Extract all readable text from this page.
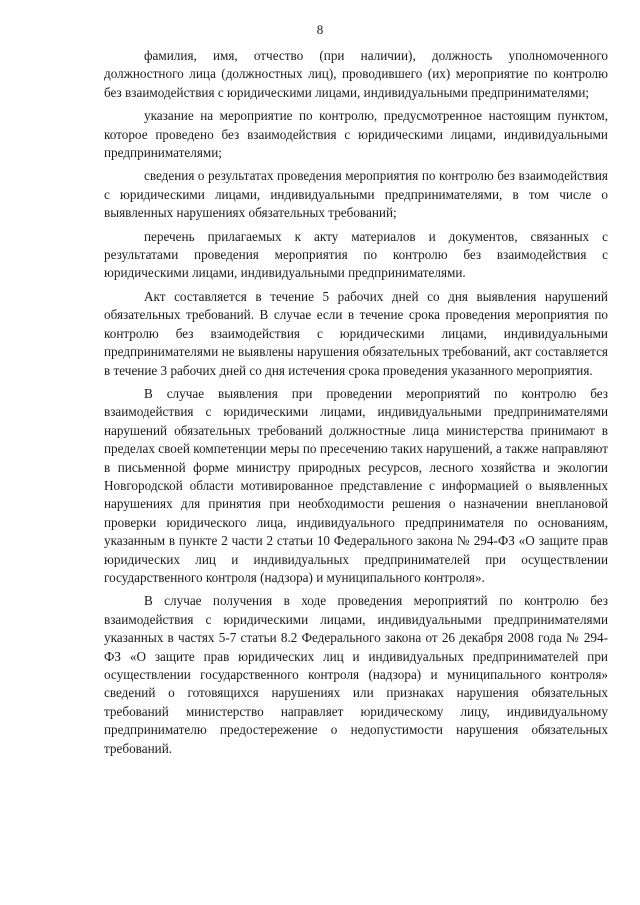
8

фамилия, имя, отчество (при наличии), должность уполномоченного должностного лица (должностных лиц), проводившего (их) мероприятие по контролю без взаимодействия с юридическими лицами, индивидуальными предпринимателями;

указание на мероприятие по контролю, предусмотренное настоящим пунктом, которое проведено без взаимодействия с юридическими лицами, индивидуальными предпринимателями;

сведения о результатах проведения мероприятия по контролю без взаимодействия с юридическими лицами, индивидуальными предпринимателями, в том числе о выявленных нарушениях обязательных требований;

перечень прилагаемых к акту материалов и документов, связанных с результатами проведения мероприятия по контролю без взаимодействия с юридическими лицами, индивидуальными предпринимателями.

Акт составляется в течение 5 рабочих дней со дня выявления нарушений обязательных требований. В случае если в течение срока проведения мероприятия по контролю без взаимодействия с юридическими лицами, индивидуальными предпринимателями не выявлены нарушения обязательных требований, акт составляется в течение 3 рабочих дней со дня истечения срока проведения указанного мероприятия.

В случае выявления при проведении мероприятий по контролю без взаимодействия с юридическими лицами, индивидуальными предпринимателями нарушений обязательных требований должностные лица министерства принимают в пределах своей компетенции меры по пресечению таких нарушений, а также направляют в письменной форме министру природных ресурсов, лесного хозяйства и экологии Новгородской области мотивированное представление с информацией о выявленных нарушениях для принятия при необходимости решения о назначении внеплановой проверки юридического лица, индивидуального предпринимателя по основаниям, указанным в пункте 2 части 2 статьи 10 Федерального закона № 294-ФЗ «О защите прав юридических лиц и индивидуальных предпринимателей при осуществлении государственного контроля (надзора) и муниципального контроля».

В случае получения в ходе проведения мероприятий по контролю без взаимодействия с юридическими лицами, индивидуальными предпринимателями указанных в частях 5-7 статьи 8.2 Федерального закона от 26 декабря 2008 года № 294-ФЗ «О защите прав юридических лиц и индивидуальных предпринимателей при осуществлении государственного контроля (надзора) и муниципального контроля» сведений о готовящихся нарушениях или признаках нарушения обязательных требований министерство направляет юридическому лицу, индивидуальному предпринимателю предостережение о недопустимости нарушения обязательных требований.
